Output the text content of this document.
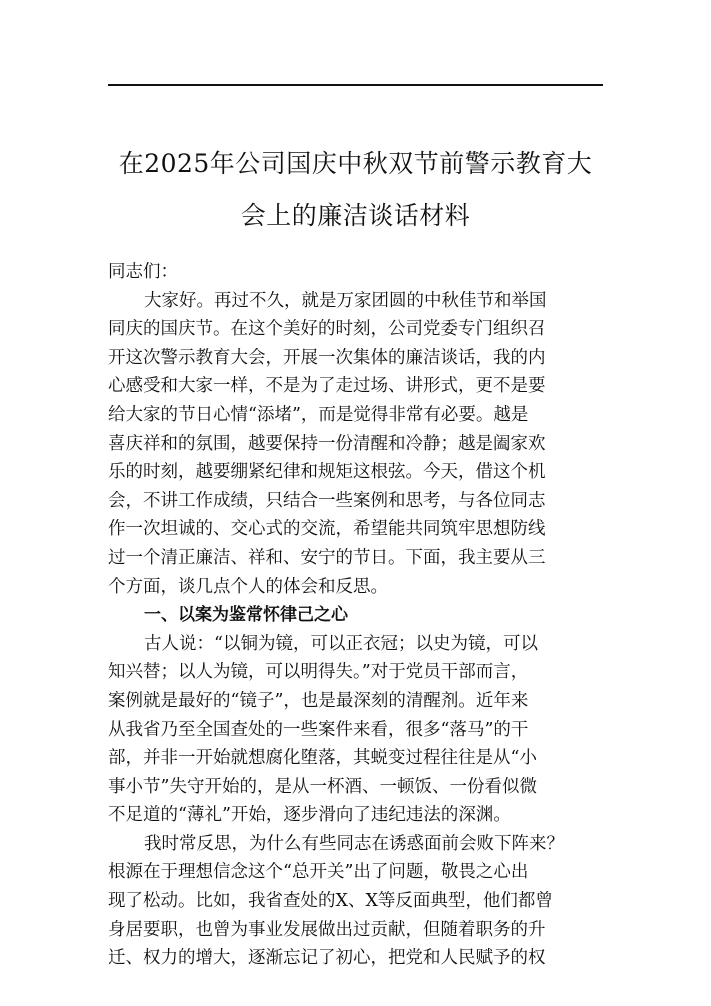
在2025年公司国庆中秋双节前警示教育大
会上的廉洁谈话材料
同志们：
大家好。再过不久，就是万家团圆的中秋佳节和举国
同庆的国庆节。在这个美好的时刻，公司党委专门组织召
开这次警示教育大会，开展一次集体的廉洁谈话，我的内
心感受和大家一样，不是为了走过场、讲形式，更不是要
给大家的节日心情“添堵”，而是觉得非常有必要。越是
喜庆祥和的氛围，越要保持一份清醒和冷静；越是阖家欢
乐的时刻，越要绷紧纪律和规矩这根弦。今天，借这个机
会，不讲工作成绩，只结合一些案例和思考，与各位同志
作一次坦诚的、交心式的交流，希望能共同筑牢思想防线
过一个清正廉洁、祥和、安宁的节日。下面，我主要从三
个方面，谈几点个人的体会和反思。
一、以案为鉴常怀律己之心
古人说：“以铜为镜，可以正衣冠；以史为镜，可以
知兴替；以人为镜，可以明得失。”对于党员干部而言，
案例就是最好的“镜子”，也是最深刻的清醒剂。近年来
从我省乃至全国查处的一些案件来看，很多“落马”的干
部，并非一开始就想腐化堕落，其蜕变过程往往是从“小
事小节”失守开始的，是从一杯酒、一顿饭、一份看似微
不足道的“薄礼”开始，逐步滑向了违纪违法的深渊。
我时常反思，为什么有些同志在诱惑面前会败下阵来？
根源在于理想信念这个“总开关”出了问题，敬畏之心出
现了松动。比如，我省查处的X、X等反面典型，他们都曾
身居要职，也曾为事业发展做出过贡献，但随着职务的升
迁、权力的增大，逐渐忘记了初心，把党和人民赋予的权
